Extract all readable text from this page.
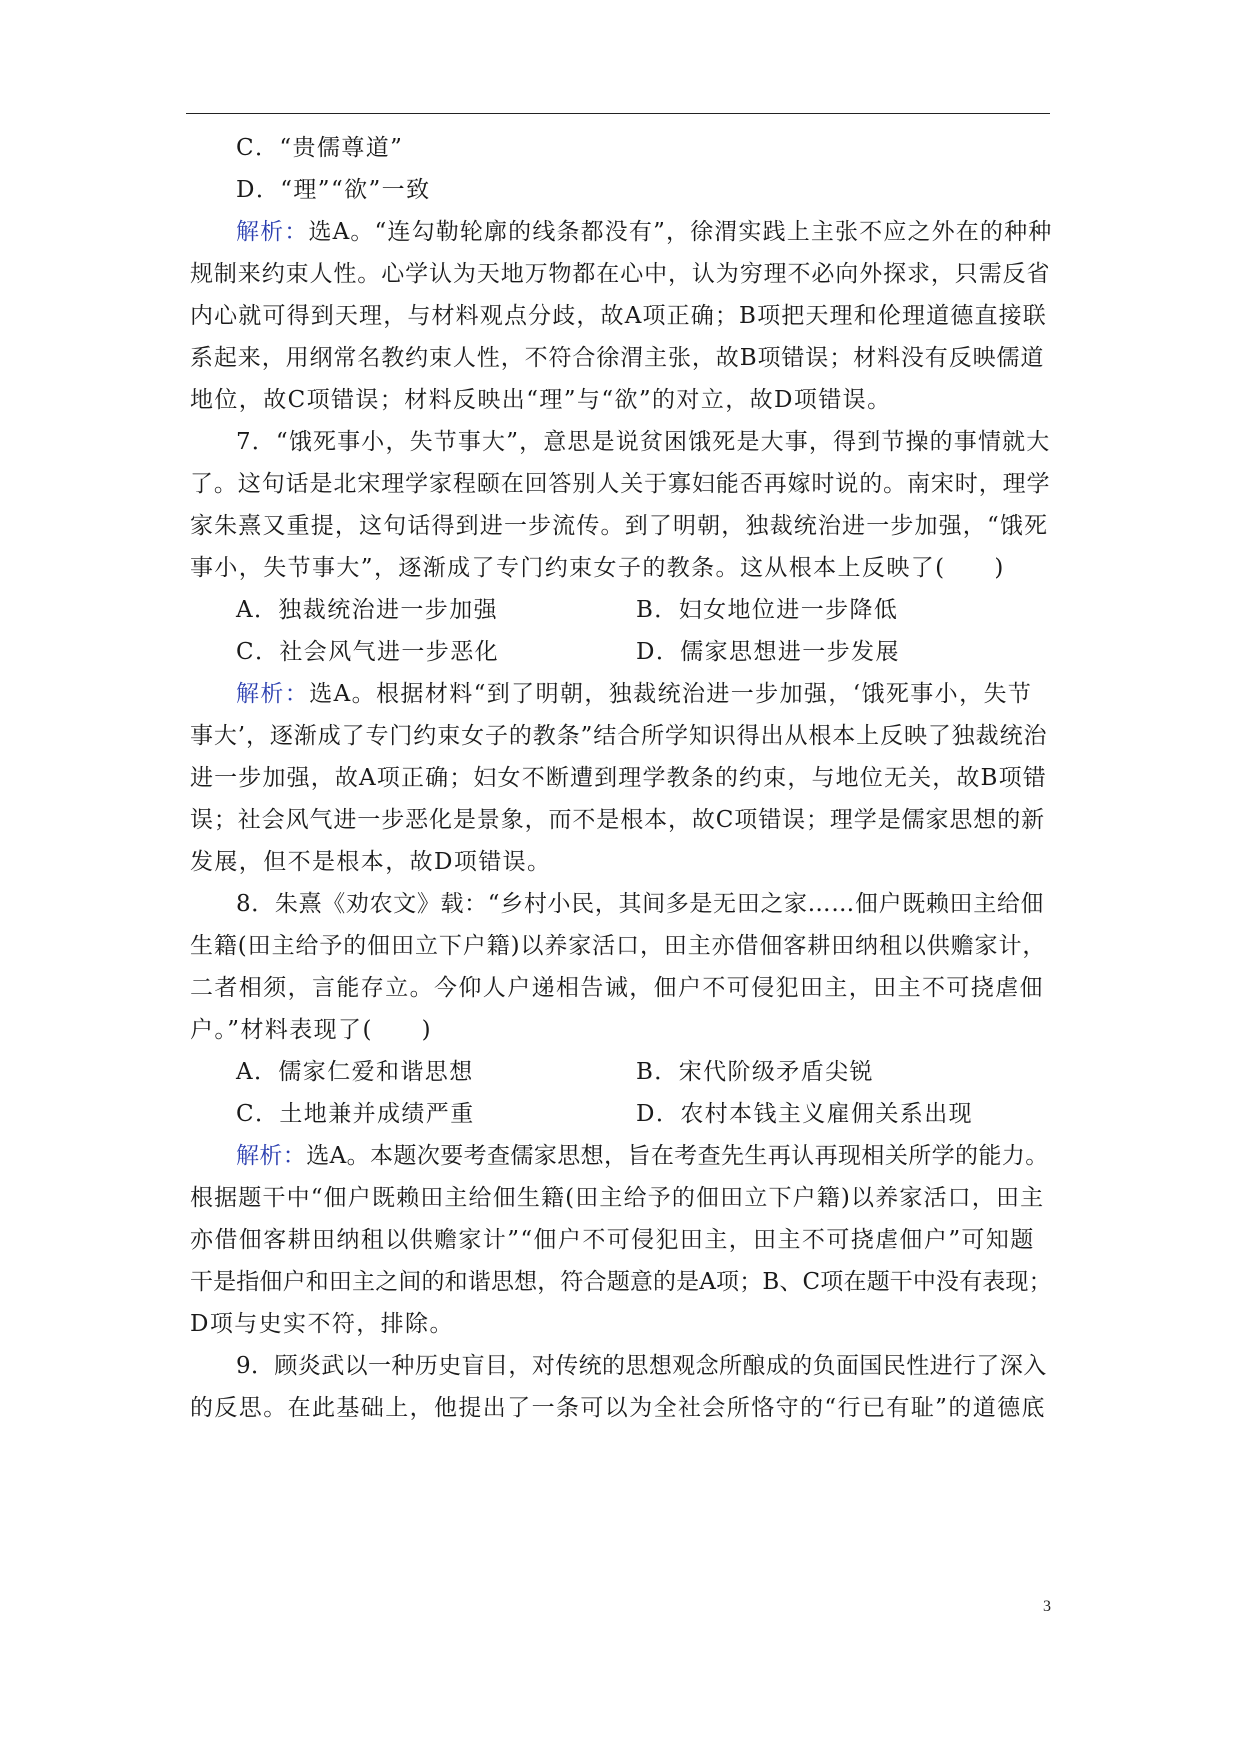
C．“贵儒尊道”
D．“理”“欲”一致
解析：选A。“连勾勒轮廓的线条都没有”，徐渭实践上主张不应之外在的种种
规制来约束人性。心学认为天地万物都在心中，认为穷理不必向外探求，只需反省
内心就可得到天理，与材料观点分歧，故A项正确；B项把天理和伦理道德直接联
系起来，用纲常名教约束人性，不符合徐渭主张，故B项错误；材料没有反映儒道
地位，故C项错误；材料反映出“理”与“欲”的对立，故D项错误。
7．“饿死事小，失节事大”，意思是说贫困饿死是大事，得到节操的事情就大
了。这句话是北宋理学家程颐在回答别人关于寡妇能否再嫁时说的。南宋时，理学
家朱熹又重提，这句话得到进一步流传。到了明朝，独裁统治进一步加强，“饿死
事小，失节事大”，逐渐成了专门约束女子的教条。这从根本上反映了(　　)
A．独裁统治进一步加强	B．妇女地位进一步降低
C．社会风气进一步恶化	D．儒家思想进一步发展
解析：选A。根据材料“到了明朝，独裁统治进一步加强，‘饿死事小，失节
事大’，逐渐成了专门约束女子的教条”结合所学知识得出从根本上反映了独裁统治
进一步加强，故A项正确；妇女不断遭到理学教条的约束，与地位无关，故B项错
误；社会风气进一步恶化是景象，而不是根本，故C项错误；理学是儒家思想的新
发展，但不是根本，故D项错误。
8．朱熹《劝农文》载：“乡村小民，其间多是无田之家……佃户既赖田主给佃
生籍(田主给予的佃田立下户籍)以养家活口，田主亦借佃客耕田纳租以供赡家计，
二者相须，言能存立。今仰人户递相告诫，佃户不可侵犯田主，田主不可挠虐佃
户。”材料表现了(　　)
A．儒家仁爱和谐思想	B．宋代阶级矛盾尖锐
C．土地兼并成绩严重	D．农村本钱主义雇佣关系出现
解析：选A。本题次要考查儒家思想，旨在考查先生再认再现相关所学的能力。
根据题干中“佃户既赖田主给佃生籍(田主给予的佃田立下户籍)以养家活口，田主
亦借佃客耕田纳租以供赡家计”“佃户不可侵犯田主，田主不可挠虐佃户”可知题
干是指佃户和田主之间的和谐思想，符合题意的是A项；B、C项在题干中没有表现；
D项与史实不符，排除。
9．顾炎武以一种历史盲目，对传统的思想观念所酿成的负面国民性进行了深入
的反思。在此基础上，他提出了一条可以为全社会所恪守的“行已有耻”的道德底
3
